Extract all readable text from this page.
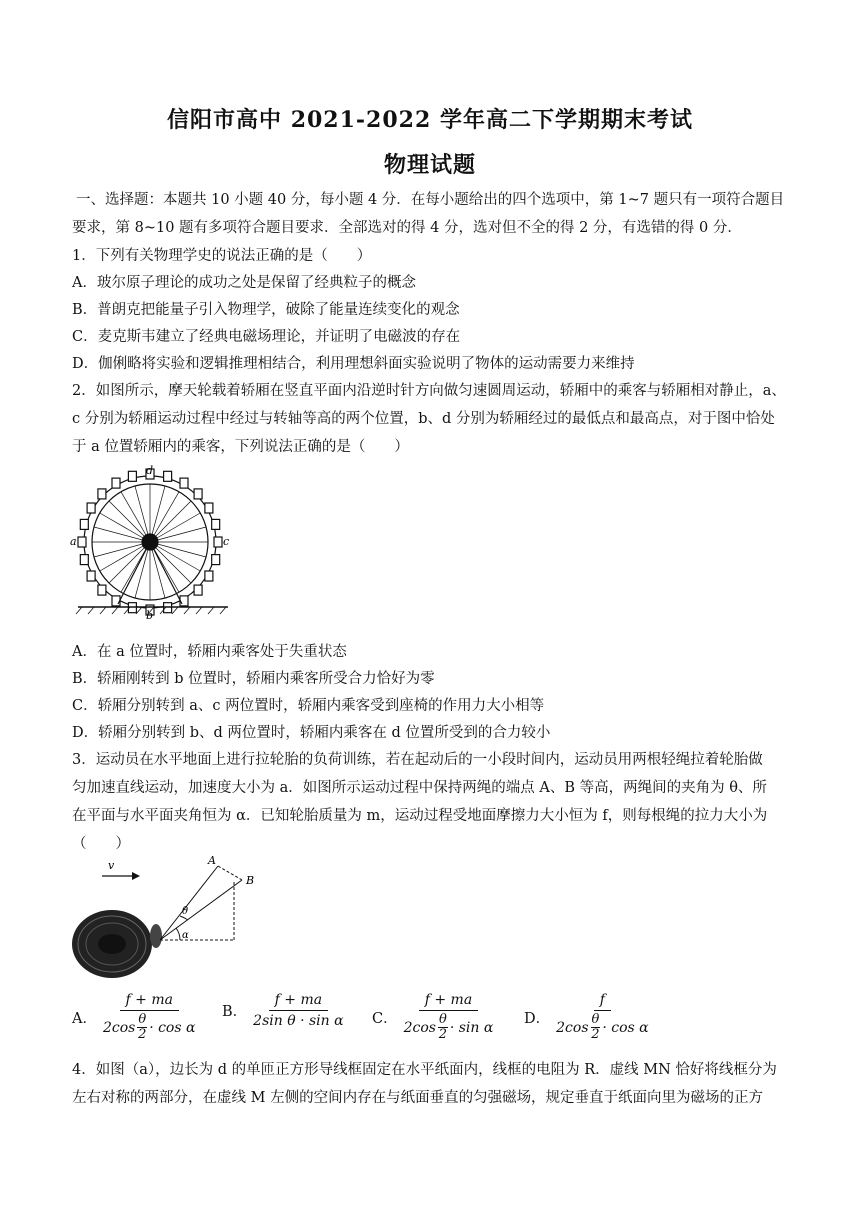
信阳市高中 2021-2022 学年高二下学期期末考试
物理试题
一、选择题：本题共 10 小题 40 分，每小题 4 分．在每小题给出的四个选项中，第 1~7 题只有一项符合题目
要求，第 8~10 题有多项符合题目要求．全部选对的得 4 分，选对但不全的得 2 分，有选错的得 0 分．
1．下列有关物理学史的说法正确的是（　　）
A．玻尔原子理论的成功之处是保留了经典粒子的概念
B．普朗克把能量子引入物理学，破除了能量连续变化的观念
C．麦克斯韦建立了经典电磁场理论，并证明了电磁波的存在
D．伽俐略将实验和逻辑推理相结合，利用理想斜面实验说明了物体的运动需要力来维持
2．如图所示，摩天轮载着轿厢在竖直平面内沿逆时针方向做匀速圆周运动，轿厢中的乘客与轿厢相对静止，a、
c 分别为轿厢运动过程中经过与转轴等高的两个位置，b、d 分别为轿厢经过的最低点和最高点，对于图中恰处
于 a 位置轿厢内的乘客，下列说法正确的是（　　）
d
a	c
b
A．在 a 位置时，轿厢内乘客处于失重状态
B．轿厢刚转到 b 位置时，轿厢内乘客所受合力恰好为零
C．轿厢分别转到 a、c 两位置时，轿厢内乘客受到座椅的作用力大小相等
D．轿厢分别转到 b、d 两位置时，轿厢内乘客在 d 位置所受到的合力较小
3．运动员在水平地面上进行拉轮胎的负荷训练，若在起动后的一小段时间内，运动员用两根轻绳拉着轮胎做
匀加速直线运动，加速度大小为 a．如图所示运动过程中保持两绳的端点 A、B 等高，两绳间的夹角为 θ、所
在平面与水平面夹角恒为 α．已知轮胎质量为 m，运动过程受地面摩擦力大小恒为 f，则每根绳的拉力大小为
（　　）
v	A
B
θ
α
A． $\frac{f + ma}{2\cos \frac{\theta}{2} \cdot \cos \alpha}$ B． $\frac{f + ma}{\text{2sin θ · sin α}}$ C． $\frac{f + ma}{2\cos \frac{\theta}{2} \cdot \sin \alpha}$ D． $\frac{f}{2\cos \frac{\theta}{2} \cdot \cos \alpha}$
4．如图（a），边长为 d 的单匝正方形导线框固定在水平纸面内，线框的电阻为 R．虚线 MN 恰好将线框分为
左右对称的两部分，在虚线 M 左侧的空间内存在与纸面垂直的匀强磁场，规定垂直于纸面向里为磁场的正方
